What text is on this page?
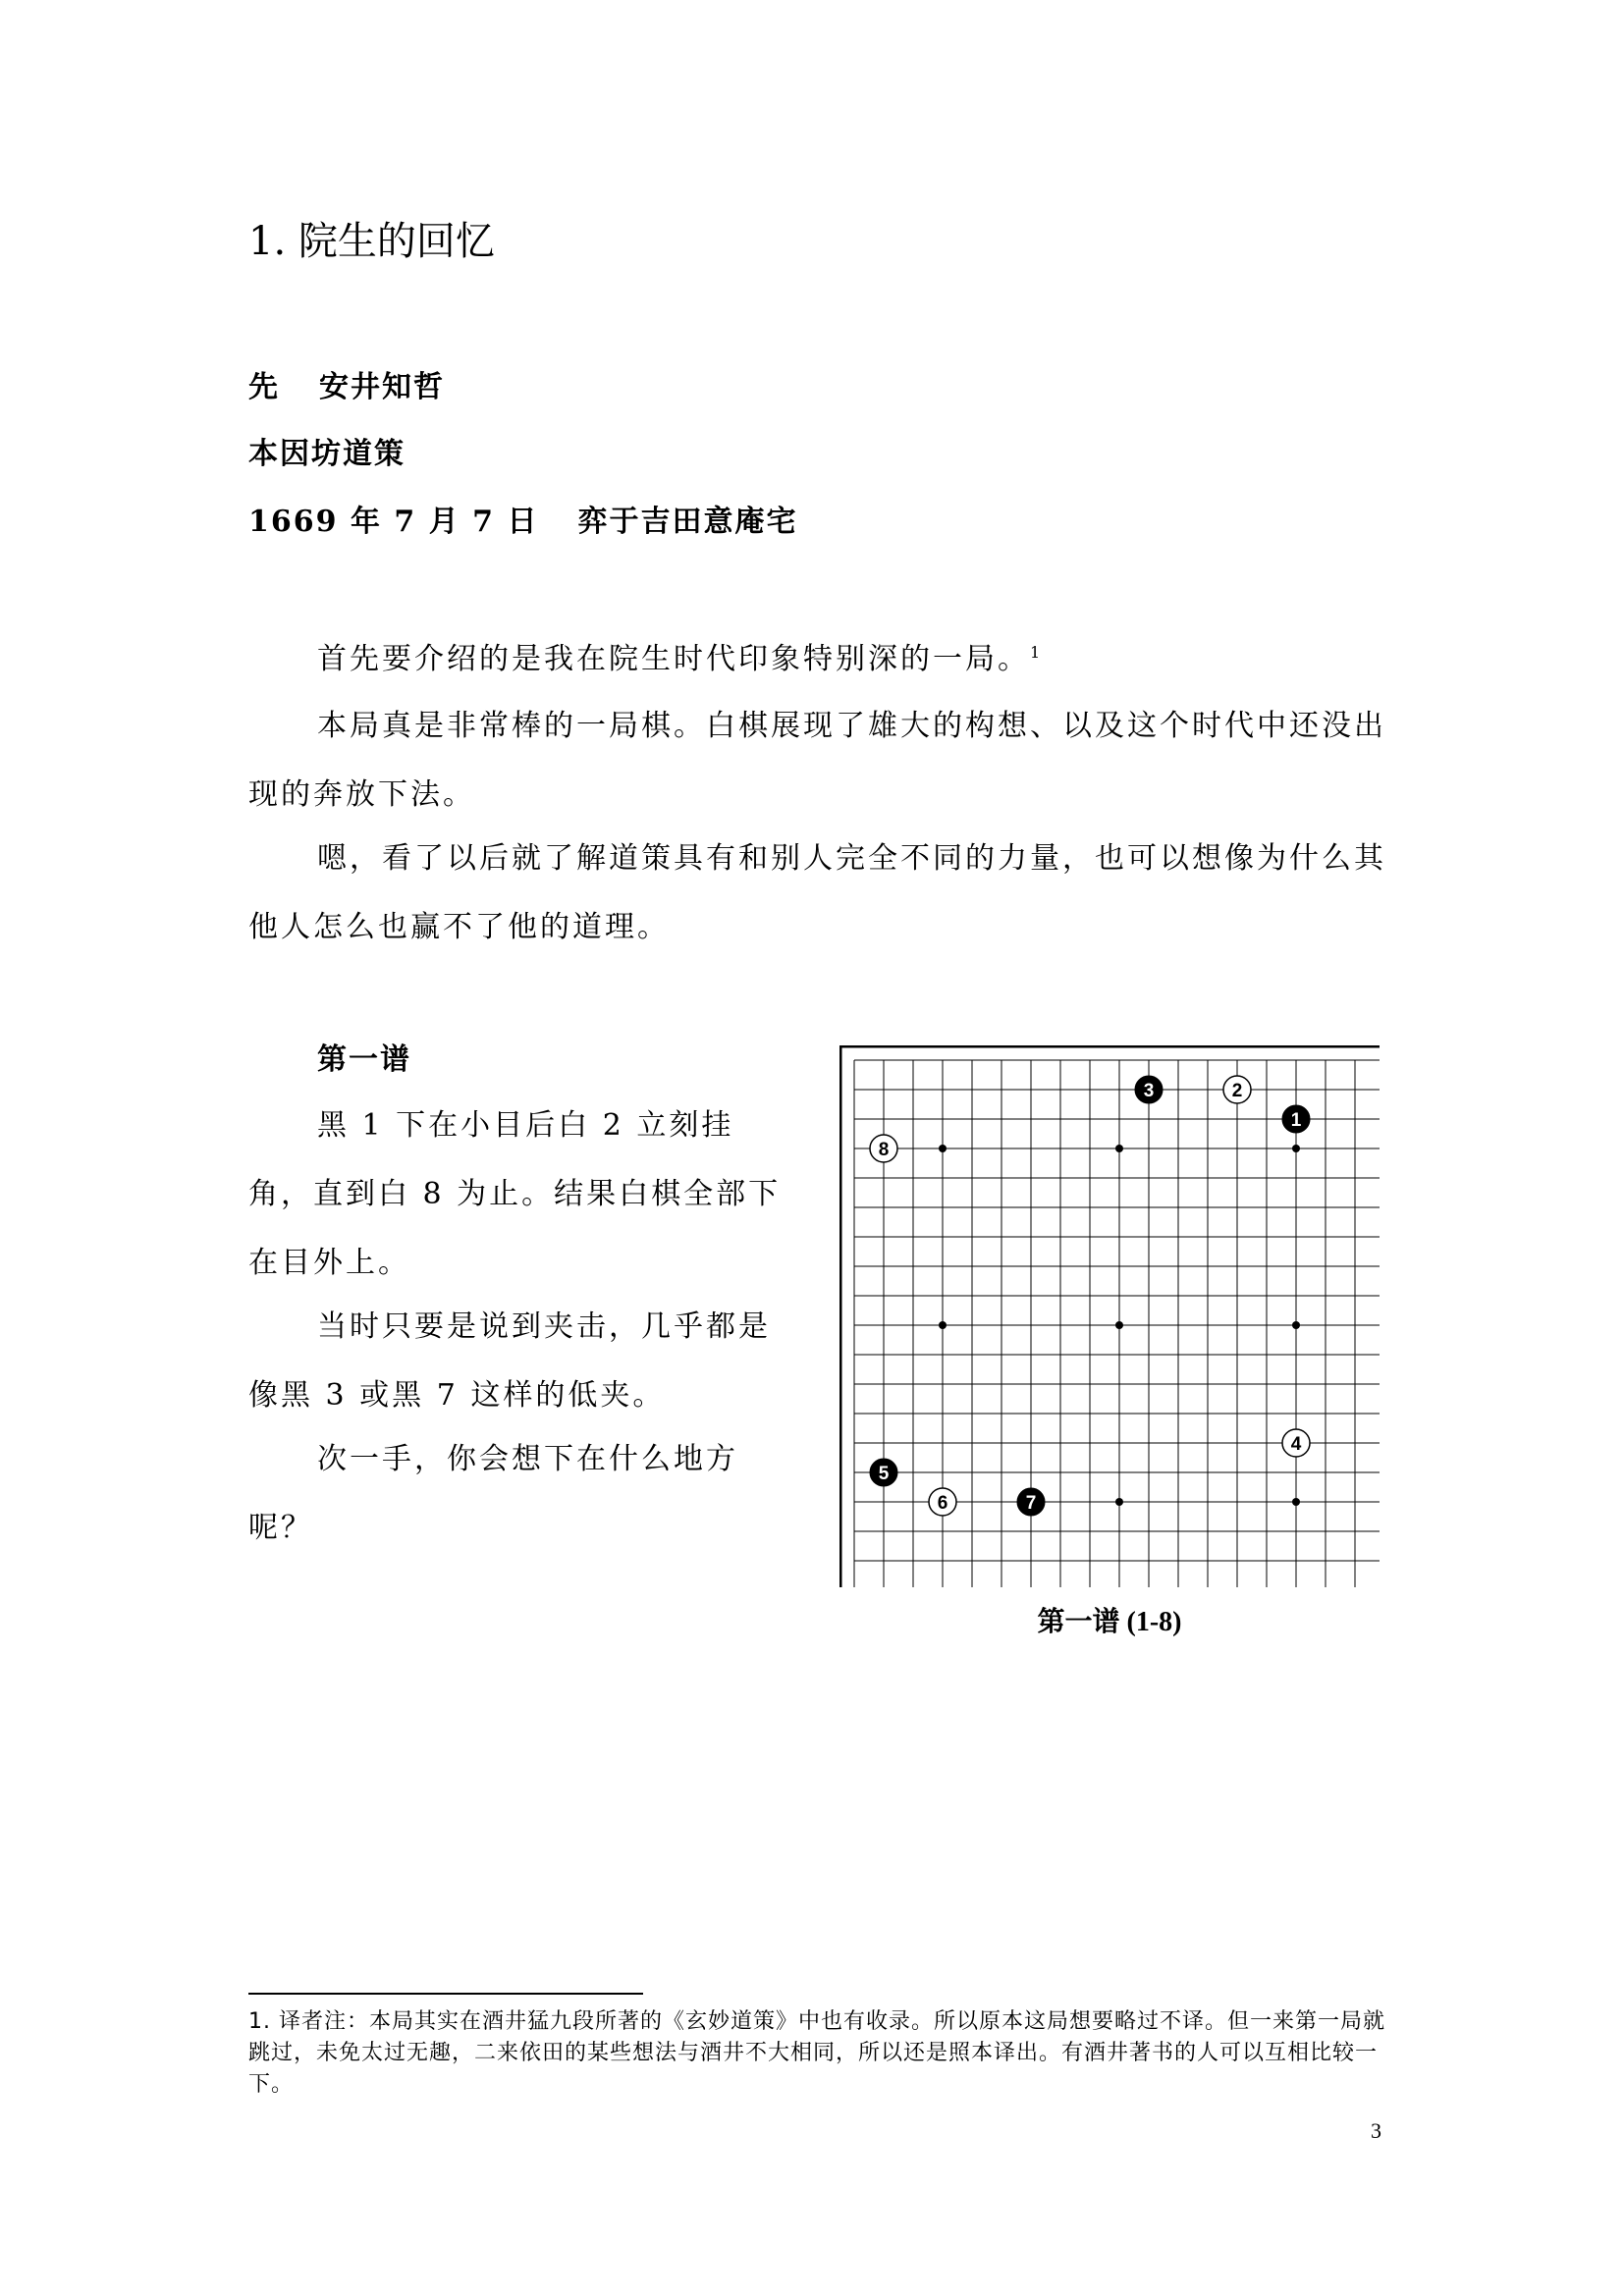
1. 院生的回忆
先 安井知哲
本因坊道策
1669 年 7 月 7 日 弈于吉田意庵宅

首先要介绍的是我在院生时代印象特别深的一局。$^1$

本局真是非常棒的一局棋。白棋展现了雄大的构想、以及这个时代中还没出现的奔放下法。

嗯，看了以后就了解道策具有和别人完全不同的力量，也可以想像为什么其他人怎么也赢不了他的道理。

第一谱

黑 1 下在小目后白 2 立刻挂角，直到白 8 为止。结果白棋全部下在目外上。

当时只要是说到夹击，几乎都是像黑 3 或黑 7 这样的低夹。

次一手，你会想下在什么地方呢？

1
2
3
4
5
6	7
8
第一谱 (1-8)

1. 译者注：本局其实在酒井猛九段所著的《玄妙道策》中也有收录。所以原本这局想要略过不译。但一来第一局就跳过，未免太过无趣，二来依田的某些想法与酒井不大相同，所以还是照本译出。有酒井著书的人可以互相比较一下。

3
